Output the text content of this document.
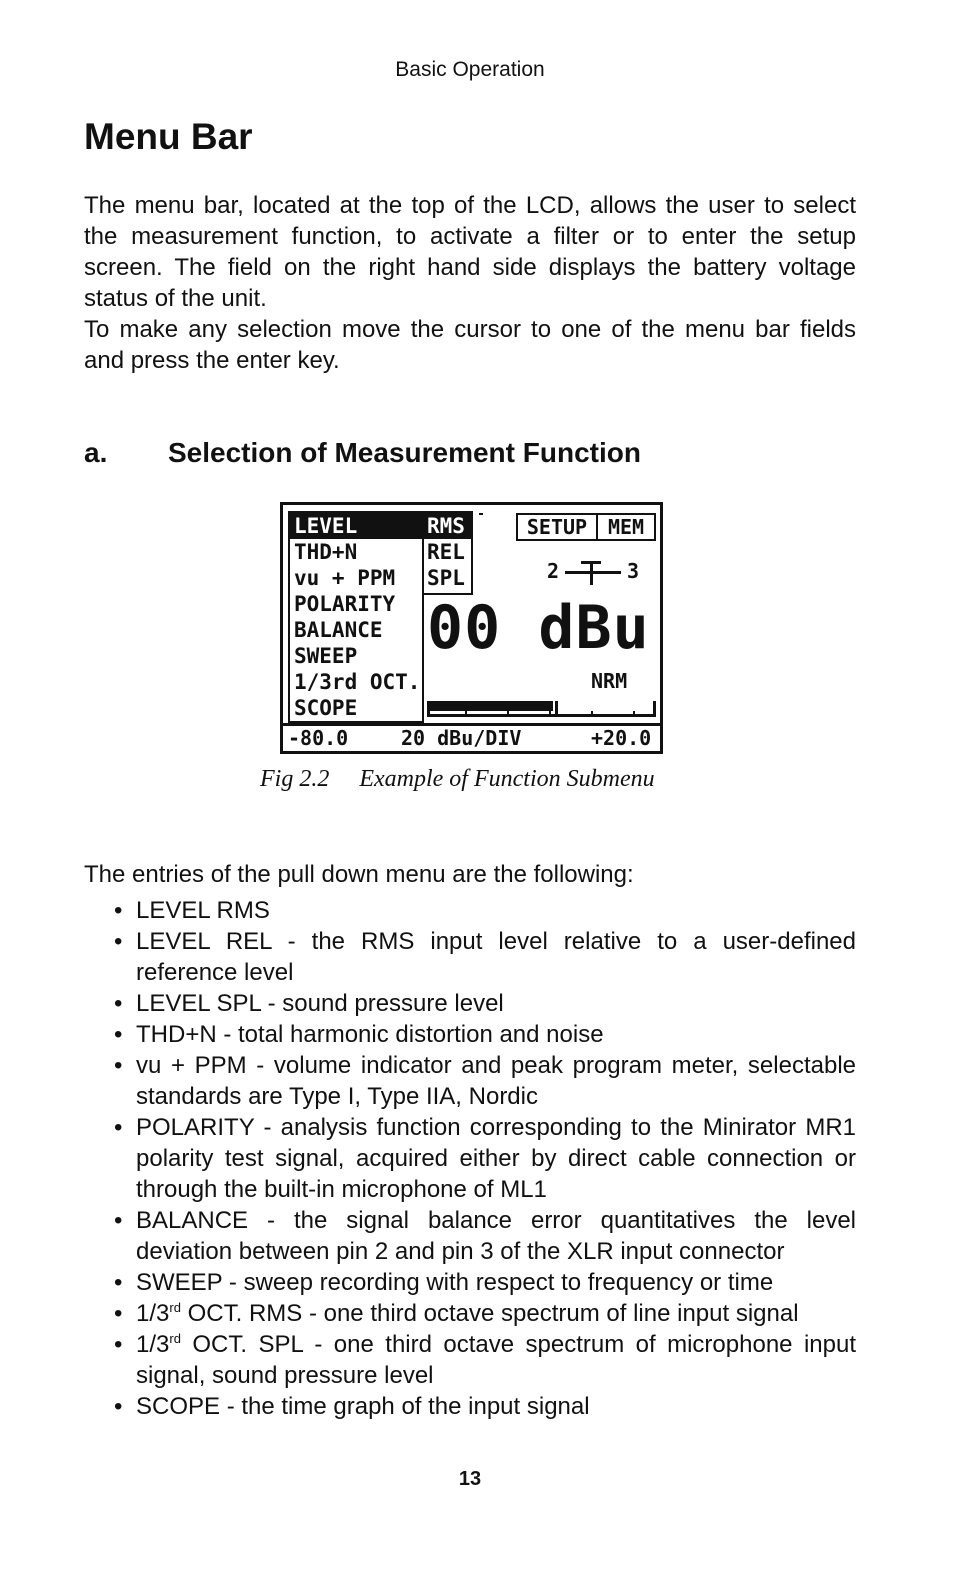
Basic Operation
Menu Bar

The menu bar, located at the top of the LCD, allows the user to select the measurement function, to activate a filter or to enter the setup screen. The field on the right hand side displays the battery voltage status of the unit.

To make any selection move the cursor to one of the menu bar fields and press the enter key.

a. Selection of Measurement Function
LEVEL
THD+N
vu + PPM
POLARITY
BALANCE
SWEEP
1/3rd OCT.
SCOPE
RMS
REL
SPL
SETUP	MEM
2	3
00 dBu
NRM
-80.0	20 dBu/DIV	+20.0
Fig 2.2 Example of Function Submenu

The entries of the pull down menu are the following:

• LEVEL RMS
• LEVEL REL - the RMS input level relative to a user-defined reference level
• LEVEL SPL - sound pressure level
• THD+N - total harmonic distortion and noise
• vu + PPM - volume indicator and peak program meter, selectable standards are Type I, Type IIA, Nordic
• POLARITY - analysis function corresponding to the Minirator MR1 polarity test signal, acquired either by direct cable connection or through the built-in microphone of ML1
• BALANCE - the signal balance error quantitatives the level deviation between pin 2 and pin 3 of the XLR input connector
• SWEEP - sweep recording with respect to frequency or time
• 1/3rd OCT. RMS - one third octave spectrum of line input signal
• 1/3rd OCT. SPL - one third octave spectrum of microphone input signal, sound pressure level
• SCOPE - the time graph of the input signal
13
